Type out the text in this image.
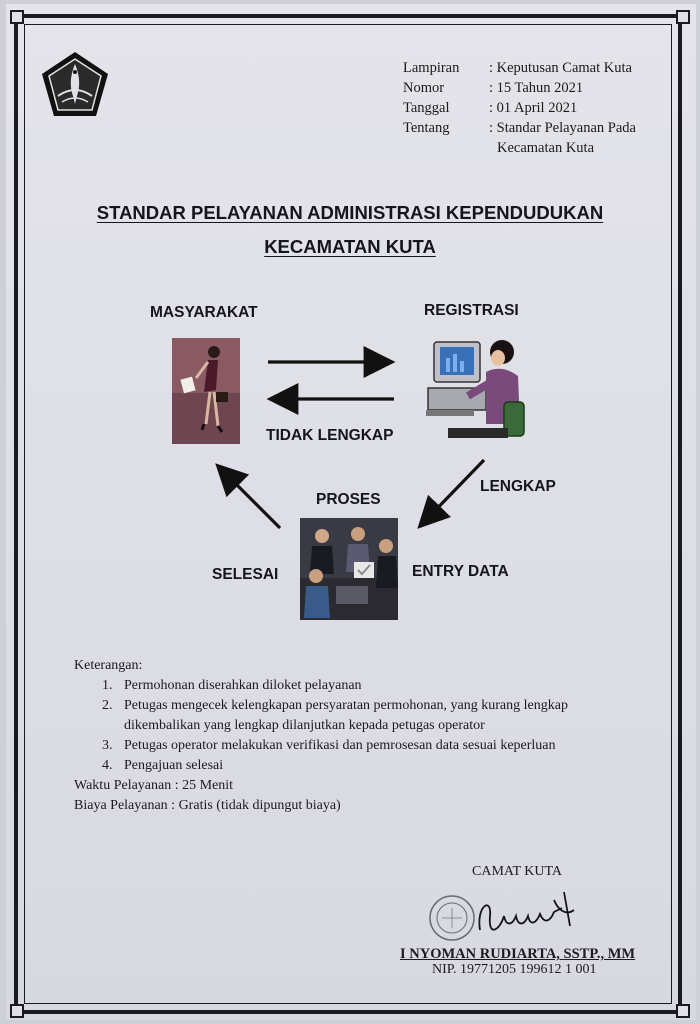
Lampiran	: Keputusan Camat Kuta
Nomor	: 15 Tahun 2021
Tanggal	: 01 April 2021
Tentang	: Standar Pelayanan Pada
Kecamatan Kuta
STANDAR PELAYANAN ADMINISTRASI KEPENDUDUKAN
KECAMATAN KUTA
MASYARAKAT	REGISTRASI
TIDAK LENGKAP
LENGKAP
PROSES
SELESAI	ENTRY DATA
Keterangan:
1. Permohonan diserahkan diloket pelayanan
2. Petugas mengecek kelengkapan persyaratan permohonan, yang kurang lengkap dikembalikan yang lengkap dilanjutkan kepada petugas operator
3. Petugas operator melakukan verifikasi dan pemrosesan data sesuai keperluan
4. Pengajuan selesai
Waktu Pelayanan : 25 Menit
Biaya Pelayanan : Gratis (tidak dipungut biaya)
CAMAT KUTA
I NYOMAN RUDIARTA, SSTP., MM
NIP. 19771205 199612 1 001
